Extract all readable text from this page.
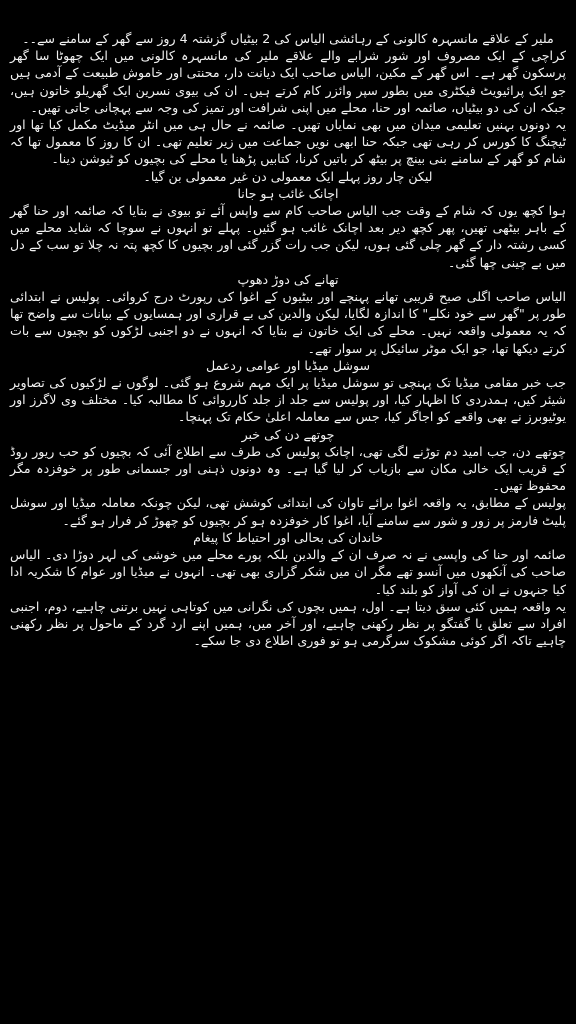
ملیر کے علاقے مانسہرہ کالونی کے رہائشی الیاس کی 2 بیٹیاں گزشتہ 4 روز سے گھر کے سامنے سے۔۔

کراچی کے ایک مصروف اور شور شرابے والے علاقے ملیر کی مانسہرہ کالونی میں ایک چھوٹا سا گھر پرسکون گھر ہے۔ اس گھر کے مکین، الیاس صاحب ایک دیانت دار، محنتی اور خاموش طبیعت کے آدمی ہیں جو ایک پرائیویٹ فیکٹری میں بطور سپر وائزر کام کرتے ہیں۔ ان کی بیوی نسرین ایک گھریلو خاتون ہیں، جبکہ ان کی دو بیٹیاں، صائمہ اور حنا، محلے میں اپنی شرافت اور تمیز کی وجہ سے پہچانی جاتی تھیں۔

یہ دونوں بہنیں تعلیمی میدان میں بھی نمایاں تھیں۔ صائمہ نے حال ہی میں انٹر میڈیٹ مکمل کیا تھا اور ٹیچنگ کا کورس کر رہی تھی جبکہ حنا ابھی نویں جماعت میں زیر تعلیم تھی۔ ان کا روز کا معمول تھا کہ شام کو گھر کے سامنے بنی بینچ پر بیٹھ کر باتیں کرنا، کتابیں پڑھنا یا محلے کی بچیوں کو ٹیوشن دینا۔

لیکن چار روز پہلے ایک معمولی دن غیر معمولی بن گیا۔

اچانک غائب ہو جانا

ہوا کچھ یوں کہ شام کے وقت جب الیاس صاحب کام سے واپس آئے تو بیوی نے بتایا کہ صائمہ اور حنا گھر کے باہر بیٹھی تھیں، پھر کچھ دیر بعد اچانک غائب ہو گئیں۔ پہلے تو انہوں نے سوچا کہ شاید محلے میں کسی رشتہ دار کے گھر چلی گئی ہوں، لیکن جب رات گزر گئی اور بچیوں کا کچھ پتہ نہ چلا تو سب کے دل میں بے چینی چھا گئی۔

تھانے کی دوڑ دھوپ

الیاس صاحب اگلی صبح قریبی تھانے پہنچے اور بیٹیوں کے اغوا کی رپورٹ درج کروائی۔ پولیس نے ابتدائی طور پر "گھر سے خود نکلے" کا اندازہ لگایا، لیکن والدین کی بے قراری اور ہمسایوں کے بیانات سے واضح تھا کہ یہ معمولی واقعہ نہیں۔ محلے کی ایک خاتون نے بتایا کہ انہوں نے دو اجنبی لڑکوں کو بچیوں سے بات کرتے دیکھا تھا، جو ایک موٹر سائیکل پر سوار تھے۔

سوشل میڈیا اور عوامی ردعمل

جب خبر مقامی میڈیا تک پہنچی تو سوشل میڈیا پر ایک مہم شروع ہو گئی۔ لوگوں نے لڑکیوں کی تصاویر شیئر کیں، ہمدردی کا اظہار کیا، اور پولیس سے جلد از جلد کارروائی کا مطالبہ کیا۔ مختلف وی لاگرز اور یوٹیوبرز نے بھی واقعے کو اجاگر کیا، جس سے معاملہ اعلیٰ حکام تک پہنچا۔

چوتھے دن کی خبر

چوتھے دن، جب امید دم توڑنے لگی تھی، اچانک پولیس کی طرف سے اطلاع آئی کہ بچیوں کو حب ریور روڈ کے قریب ایک خالی مکان سے بازیاب کر لیا گیا ہے۔ وہ دونوں ذہنی اور جسمانی طور پر خوفزدہ مگر محفوظ تھیں۔

پولیس کے مطابق، یہ واقعہ اغوا برائے تاوان کی ابتدائی کوشش تھی، لیکن چونکہ معاملہ میڈیا اور سوشل پلیٹ فارمز پر زور و شور سے سامنے آیا، اغوا کار خوفزدہ ہو کر بچیوں کو چھوڑ کر فرار ہو گئے۔

خاندان کی بحالی اور احتیاط کا پیغام

صائمہ اور حنا کی واپسی نے نہ صرف ان کے والدین بلکہ پورے محلے میں خوشی کی لہر دوڑا دی۔ الیاس صاحب کی آنکھوں میں آنسو تھے مگر ان میں شکر گزاری بھی تھی۔ انہوں نے میڈیا اور عوام کا شکریہ ادا کیا جنہوں نے ان کی آواز کو بلند کیا۔

یہ واقعہ ہمیں کئی سبق دیتا ہے۔ اول، ہمیں بچوں کی نگرانی میں کوتاہی نہیں برتنی چاہیے، دوم، اجنبی افراد سے تعلق یا گفتگو پر نظر رکھنی چاہیے، اور آخر میں، ہمیں اپنے ارد گرد کے ماحول پر نظر رکھنی چاہیے تاکہ اگر کوئی مشکوک سرگرمی ہو تو فوری اطلاع دی جا سکے۔
